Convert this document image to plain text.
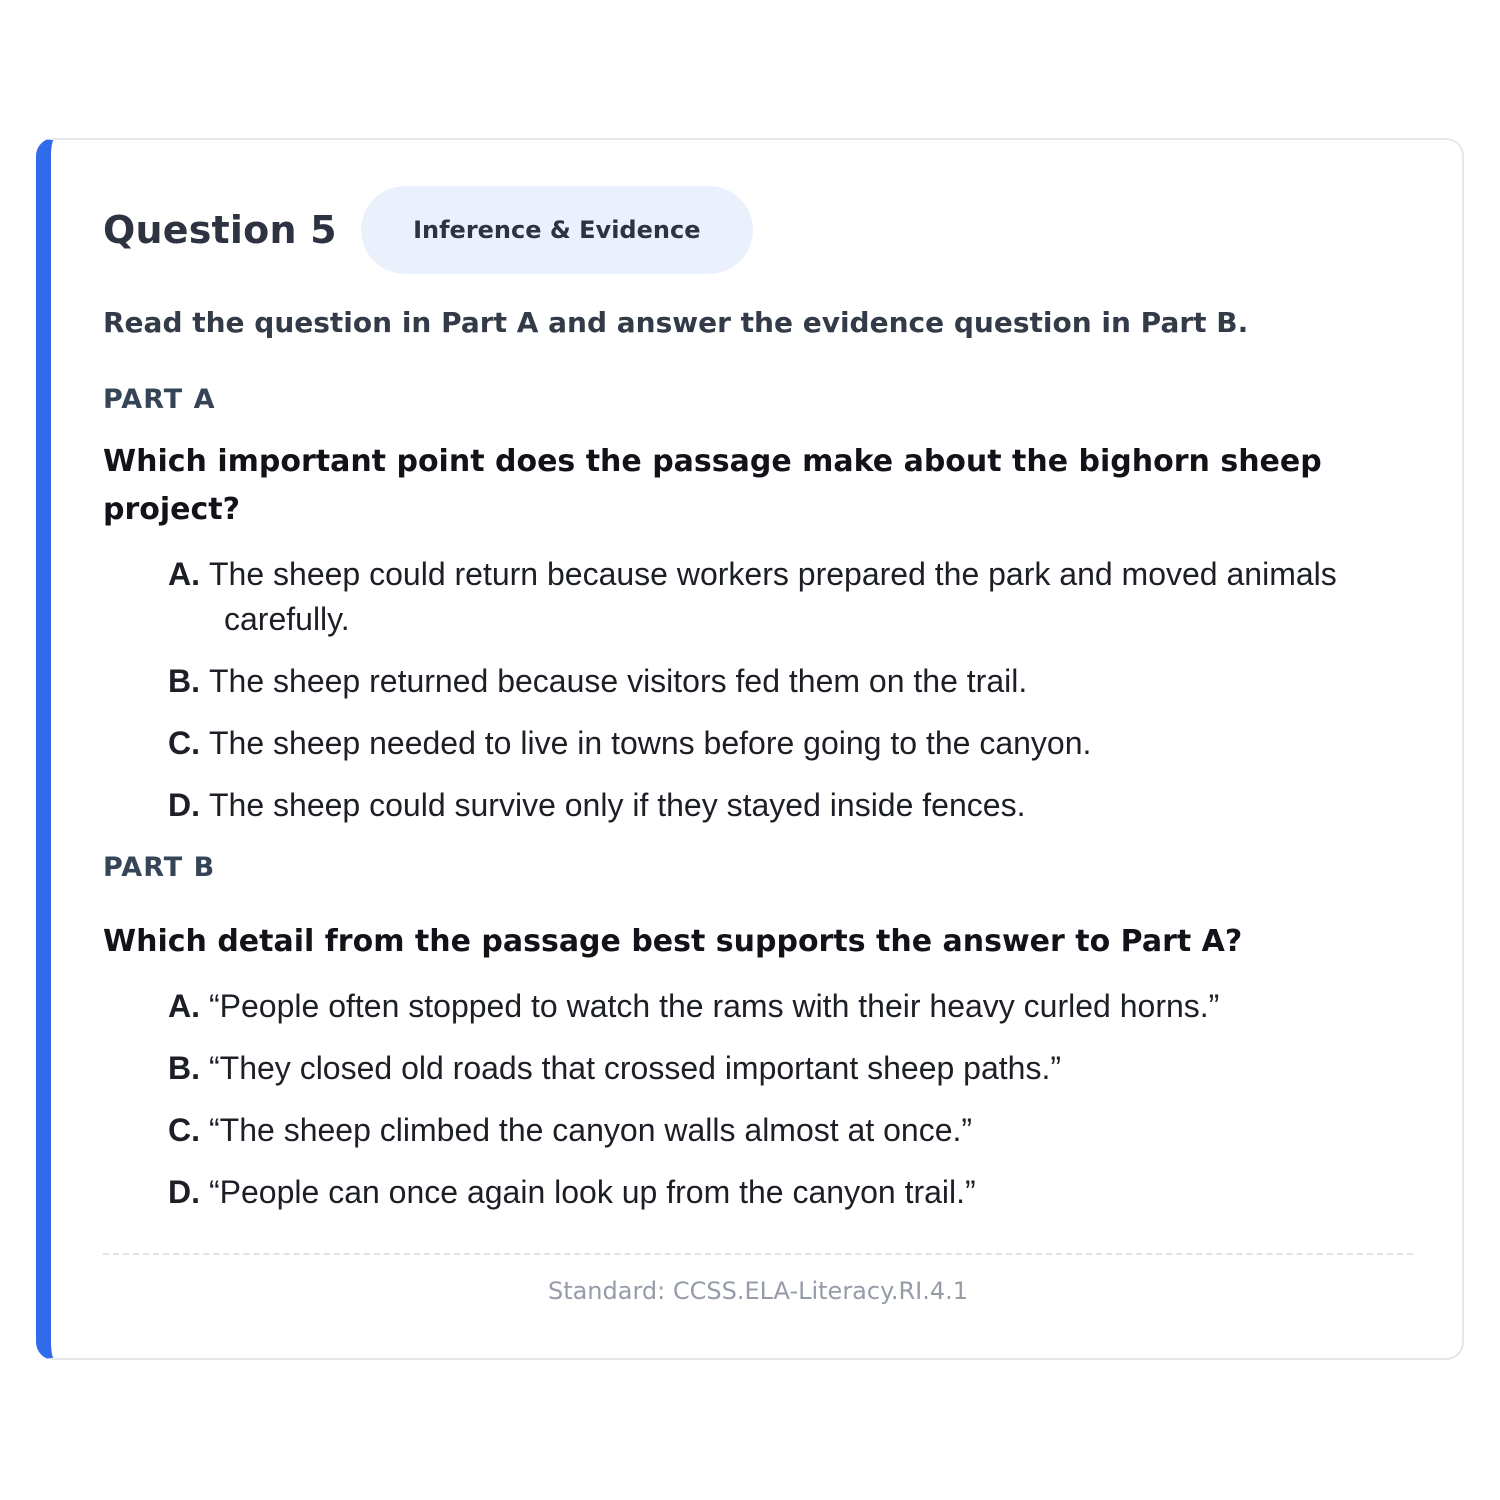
Question 5	Inference & Evidence
Read the question in Part A and answer the evidence question in Part B.
PART A
Which important point does the passage make about the bighorn sheep project?
A. The sheep could return because workers prepared the park and moved animals
carefully.
B. The sheep returned because visitors fed them on the trail.
C. The sheep needed to live in towns before going to the canyon.
D. The sheep could survive only if they stayed inside fences.
PART B
Which detail from the passage best supports the answer to Part A?
A. “People often stopped to watch the rams with their heavy curled horns.”
B. “They closed old roads that crossed important sheep paths.”
C. “The sheep climbed the canyon walls almost at once.”
D. “People can once again look up from the canyon trail.”
Standard: CCSS.ELA-Literacy.RI.4.1
